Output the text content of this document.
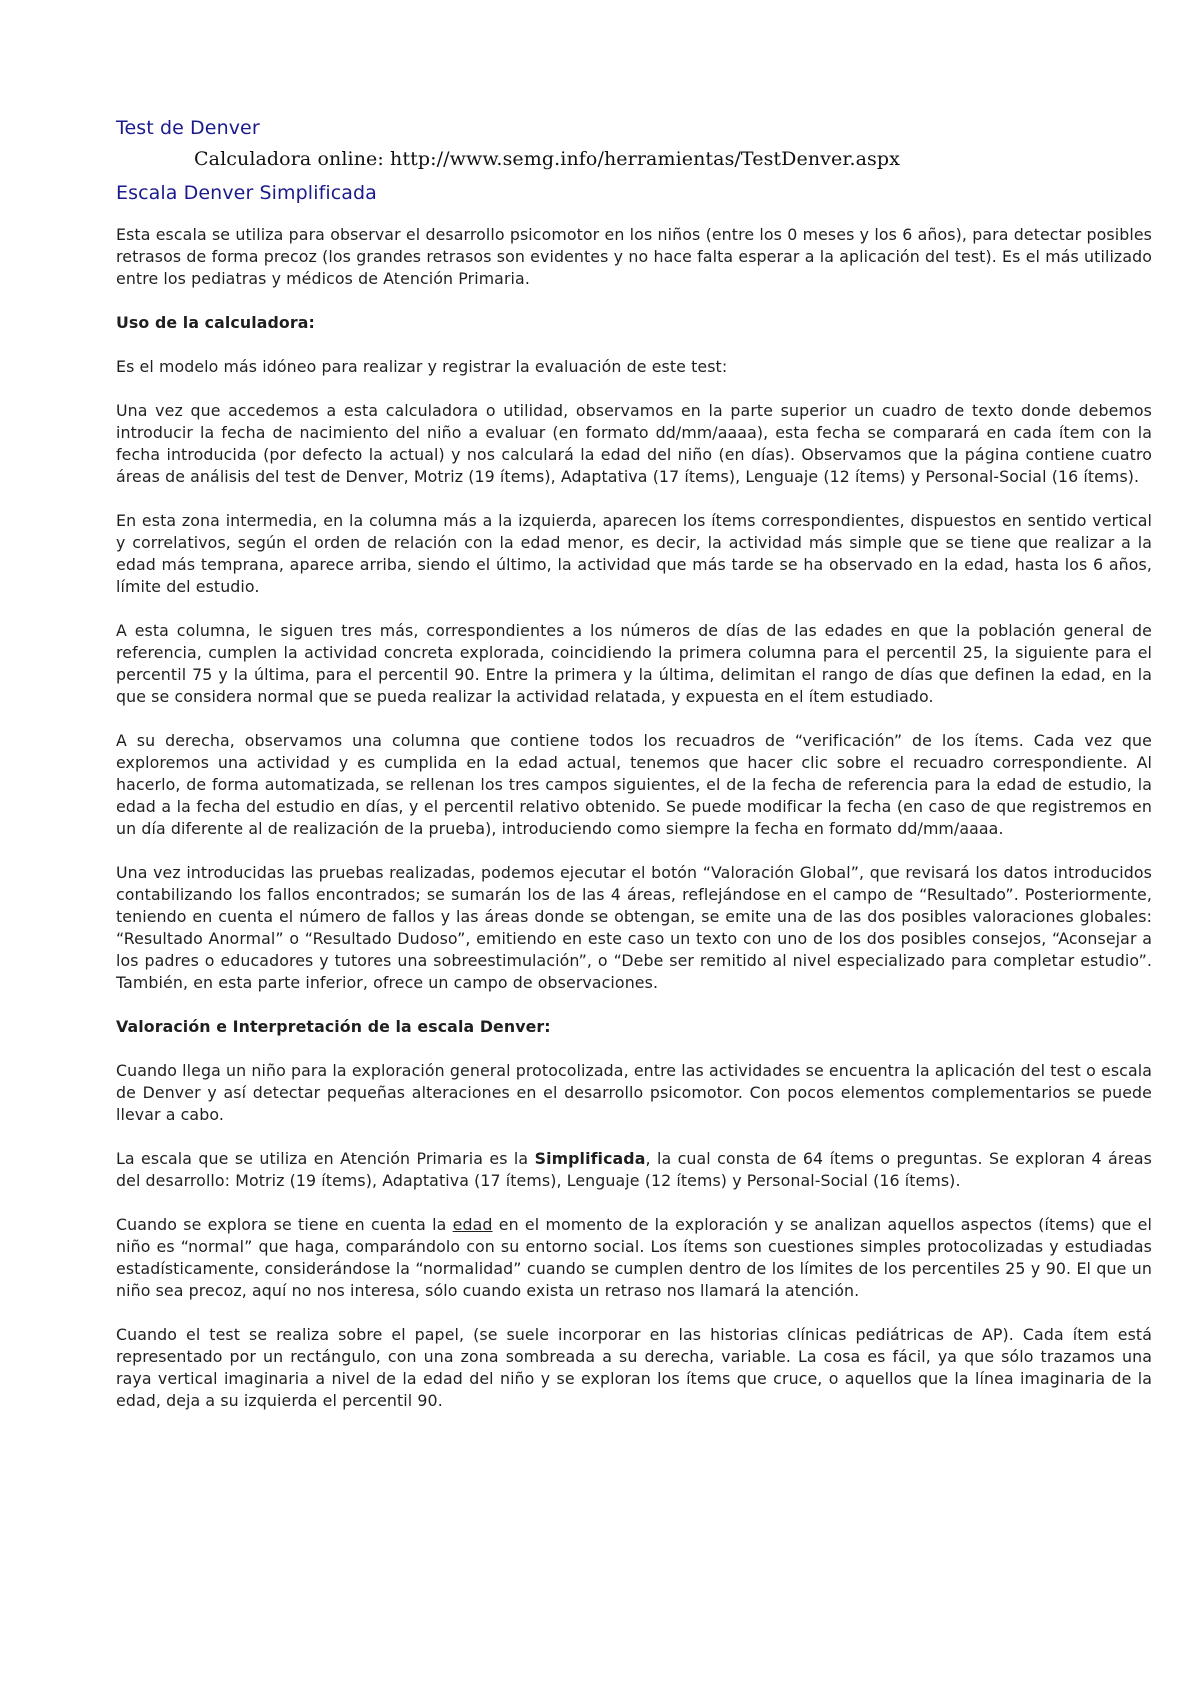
Test de Denver
Calculadora online: http://www.semg.info/herramientas/TestDenver.aspx
Escala Denver Simplificada

Esta escala se utiliza para observar el desarrollo psicomotor en los niños (entre los 0 meses y los 6 años), para detectar posibles retrasos de forma precoz (los grandes retrasos son evidentes y no hace falta esperar a la aplicación del test). Es el más utilizado entre los pediatras y médicos de Atención Primaria.

Uso de la calculadora:

Es el modelo más idóneo para realizar y registrar la evaluación de este test:

Una vez que accedemos a esta calculadora o utilidad, observamos en la parte superior un cuadro de texto donde debemos introducir la fecha de nacimiento del niño a evaluar (en formato dd/mm/aaaa), esta fecha se comparará en cada ítem con la fecha introducida (por defecto la actual) y nos calculará la edad del niño (en días). Observamos que la página contiene cuatro áreas de análisis del test de Denver, Motriz (19 ítems), Adaptativa (17 ítems), Lenguaje (12 ítems) y Personal-Social (16 ítems).

En esta zona intermedia, en la columna más a la izquierda, aparecen los ítems correspondientes, dispuestos en sentido vertical y correlativos, según el orden de relación con la edad menor, es decir, la actividad más simple que se tiene que realizar a la edad más temprana, aparece arriba, siendo el último, la actividad que más tarde se ha observado en la edad, hasta los 6 años, límite del estudio.

A esta columna, le siguen tres más, correspondientes a los números de días de las edades en que la población general de referencia, cumplen la actividad concreta explorada, coincidiendo la primera columna para el percentil 25, la siguiente para el percentil 75 y la última, para el percentil 90. Entre la primera y la última, delimitan el rango de días que definen la edad, en la que se considera normal que se pueda realizar la actividad relatada, y expuesta en el ítem estudiado.

A su derecha, observamos una columna que contiene todos los recuadros de “verificación” de los ítems. Cada vez que exploremos una actividad y es cumplida en la edad actual, tenemos que hacer clic sobre el recuadro correspondiente. Al hacerlo, de forma automatizada, se rellenan los tres campos siguientes, el de la fecha de referencia para la edad de estudio, la edad a la fecha del estudio en días, y el percentil relativo obtenido. Se puede modificar la fecha (en caso de que registremos en un día diferente al de realización de la prueba), introduciendo como siempre la fecha en formato dd/mm/aaaa.

Una vez introducidas las pruebas realizadas, podemos ejecutar el botón “Valoración Global”, que revisará los datos introducidos contabilizando los fallos encontrados; se sumarán los de las 4 áreas, reflejándose en el campo de “Resultado”. Posteriormente, teniendo en cuenta el número de fallos y las áreas donde se obtengan, se emite una de las dos posibles valoraciones globales: “Resultado Anormal” o “Resultado Dudoso”, emitiendo en este caso un texto con uno de los dos posibles consejos, “Aconsejar a los padres o educadores y tutores una sobreestimulación”, o “Debe ser remitido al nivel especializado para completar estudio”. También, en esta parte inferior, ofrece un campo de observaciones.

Valoración e Interpretación de la escala Denver:

Cuando llega un niño para la exploración general protocolizada, entre las actividades se encuentra la aplicación del test o escala de Denver y así detectar pequeñas alteraciones en el desarrollo psicomotor. Con pocos elementos complementarios se puede llevar a cabo.

La escala que se utiliza en Atención Primaria es la Simplificada, la cual consta de 64 ítems o preguntas. Se exploran 4 áreas del desarrollo: Motriz (19 ítems), Adaptativa (17 ítems), Lenguaje (12 ítems) y Personal-Social (16 ítems).

Cuando se explora se tiene en cuenta la edad en el momento de la exploración y se analizan aquellos aspectos (ítems) que el niño es “normal” que haga, comparándolo con su entorno social. Los ítems son cuestiones simples protocolizadas y estudiadas estadísticamente, considerándose la “normalidad” cuando se cumplen dentro de los límites de los percentiles 25 y 90. El que un niño sea precoz, aquí no nos interesa, sólo cuando exista un retraso nos llamará la atención.

Cuando el test se realiza sobre el papel, (se suele incorporar en las historias clínicas pediátricas de AP). Cada ítem está representado por un rectángulo, con una zona sombreada a su derecha, variable. La cosa es fácil, ya que sólo trazamos una raya vertical imaginaria a nivel de la edad del niño y se exploran los ítems que cruce, o aquellos que la línea imaginaria de la edad, deja a su izquierda el percentil 90.
